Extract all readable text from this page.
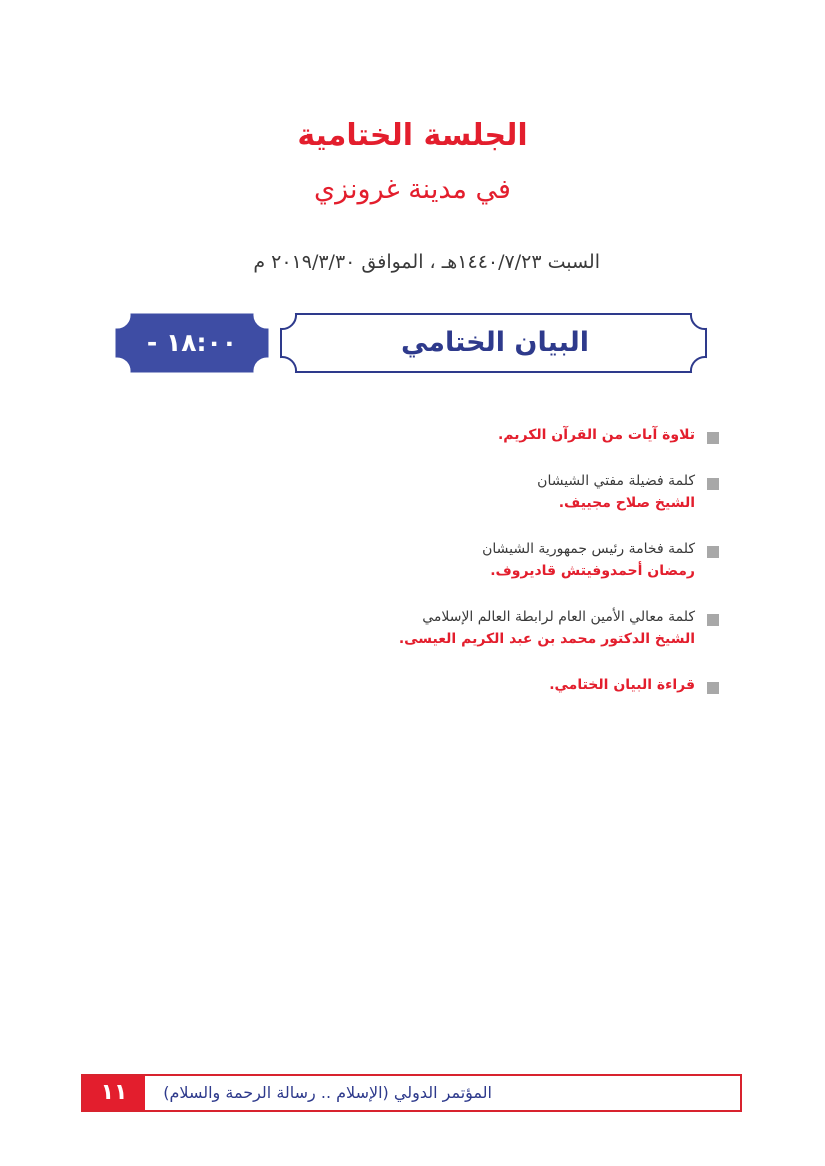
الجلسة الختامية
في مدينة غرونزي
السبت ١٤٤٠/٧/٢٣هـ ، الموافق ٢٠١٩/٣/٣٠ م
البيان الختامي
١٨:٠٠ - ١٩:٠٠
تلاوة آيات من القرآن الكريم.
كلمة فضيلة مفتي الشيشان
الشيخ صلاح مجييف.
كلمة فخامة رئيس جمهورية الشيشان
رمضان أحمدوفيتش قاديروف.
كلمة معالي الأمين العام لرابطة العالم الإسلامي
الشيخ الدكتور محمد بن عبد الكريم العيسى.
قراءة البيان الختامي.
١١	المؤتمر الدولي (الإسلام .. رسالة الرحمة والسلام)
